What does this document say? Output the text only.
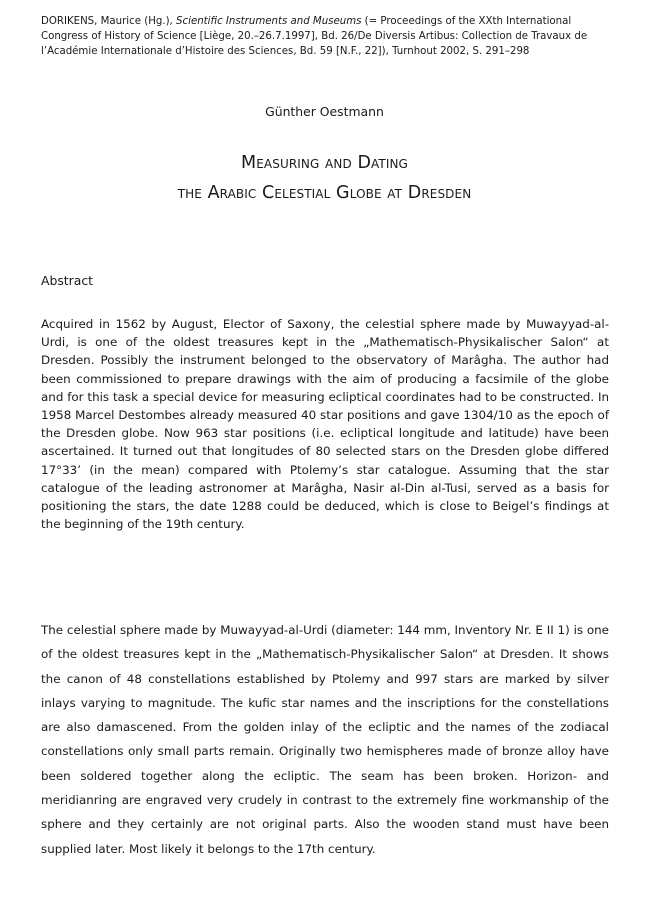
DORIKENS, Maurice (Hg.), Scientific Instruments and Museums (= Proceedings of the XXth International Congress of History of Science [Liège, 20.–26.7.1997], Bd. 26/De Diversis Artibus: Collection de Travaux de l’Académie Internationale d’Histoire des Sciences, Bd. 59 [N.F., 22]), Turnhout 2002, S. 291–298
Günther Oestmann
Measuring and Dating
the Arabic Celestial Globe at Dresden
Abstract

Acquired in 1562 by August, Elector of Saxony, the celestial sphere made by Muwayyad-al-Urdi, is one of the oldest treasures kept in the „Mathematisch-Physikalischer Salon“ at Dresden. Possibly the instrument belonged to the observatory of Marâgha. The author had been commissioned to prepare drawings with the aim of producing a facsimile of the globe and for this task a special device for measuring ecliptical coordinates had to be constructed. In 1958 Marcel Destombes already measured 40 star positions and gave 1304/10 as the epoch of the Dresden globe. Now 963 star positions (i.e. ecliptical longitude and latitude) have been ascertained. It turned out that longitudes of 80 selected stars on the Dresden globe differed 17°33’ (in the mean) compared with Ptolemy’s star catalogue. Assuming that the star catalogue of the leading astronomer at Marâgha, Nasir al-Din al-Tusi, served as a basis for positioning the stars, the date 1288 could be deduced, which is close to Beigel’s findings at the beginning of the 19th century.

The celestial sphere made by Muwayyad-al-Urdi (diameter: 144 mm, Inventory Nr. E II 1) is one of the oldest treasures kept in the „Mathematisch-Physikalischer Salon“ at Dresden. It shows the canon of 48 constellations established by Ptolemy and 997 stars are marked by silver inlays varying to magnitude. The kufic star names and the inscriptions for the constellations are also damascened. From the golden inlay of the ecliptic and the names of the zodiacal constellations only small parts remain. Originally two hemispheres made of bronze alloy have been soldered together along the ecliptic. The seam has been broken. Horizon- and meridianring are engraved very crudely in contrast to the extremely fine workmanship of the sphere and they certainly are not original parts. Also the wooden stand must have been supplied later. Most likely it belongs to the 17th century.
